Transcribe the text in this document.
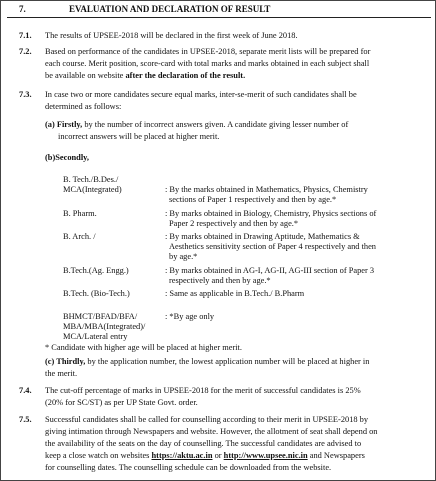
7.	EVALUATION AND DECLARATION OF RESULT
7.1. The results of UPSEE-2018 will be declared in the first week of June 2018.
7.2. Based on performance of the candidates in UPSEE-2018, separate merit lists will be prepared for
each course. Merit position, score-card with total marks and marks obtained in each subject shall
be available on website after the declaration of the result.
7.3. In case two or more candidates secure equal marks, inter-se-merit of such candidates shall be
determined as follows:
(a) Firstly, by the number of incorrect answers given. A candidate giving lesser number of
incorrect answers will be placed at higher merit.
(b)Secondly,
B. Tech./B.Des./
MCA(Integrated)	: By the marks obtained in Mathematics, Physics, Chemistry
sections of Paper 1 respectively and then by age.*
B. Pharm.	: By marks obtained in Biology, Chemistry, Physics sections of
Paper 2 respectively and then by age.*
B. Arch. /	: By marks obtained in Drawing Aptitude, Mathematics &
Aesthetics sensitivity section of Paper 4 respectively and then
by age.*
B.Tech.(Ag. Engg.)	: By marks obtained in AG-I, AG-II, AG-III section of Paper 3
respectively and then by age.*
B.Tech. (Bio-Tech.)	: Same as applicable in B.Tech./ B.Pharm
BHMCT/BFAD/BFA/
MBA/MBA(Integrated)/
MCA/Lateral entry
: *By age only
* Candidate with higher age will be placed at higher merit.
(c) Thirdly, by the application number, the lowest application number will be placed at higher in
the merit.
7.4. The cut-off percentage of marks in UPSEE-2018 for the merit of successful candidates is 25%
(20% for SC/ST) as per UP State Govt. order.
7.5. Successful candidates shall be called for counselling according to their merit in UPSEE-2018 by
giving intimation through Newspapers and website. However, the allotment of seat shall depend on
the availability of the seats on the day of counselling. The successful candidates are advised to
keep a close watch on websites https://aktu.ac.in or http://www.upsee.nic.in and Newspapers
for counselling dates. The counselling schedule can be downloaded from the website.
